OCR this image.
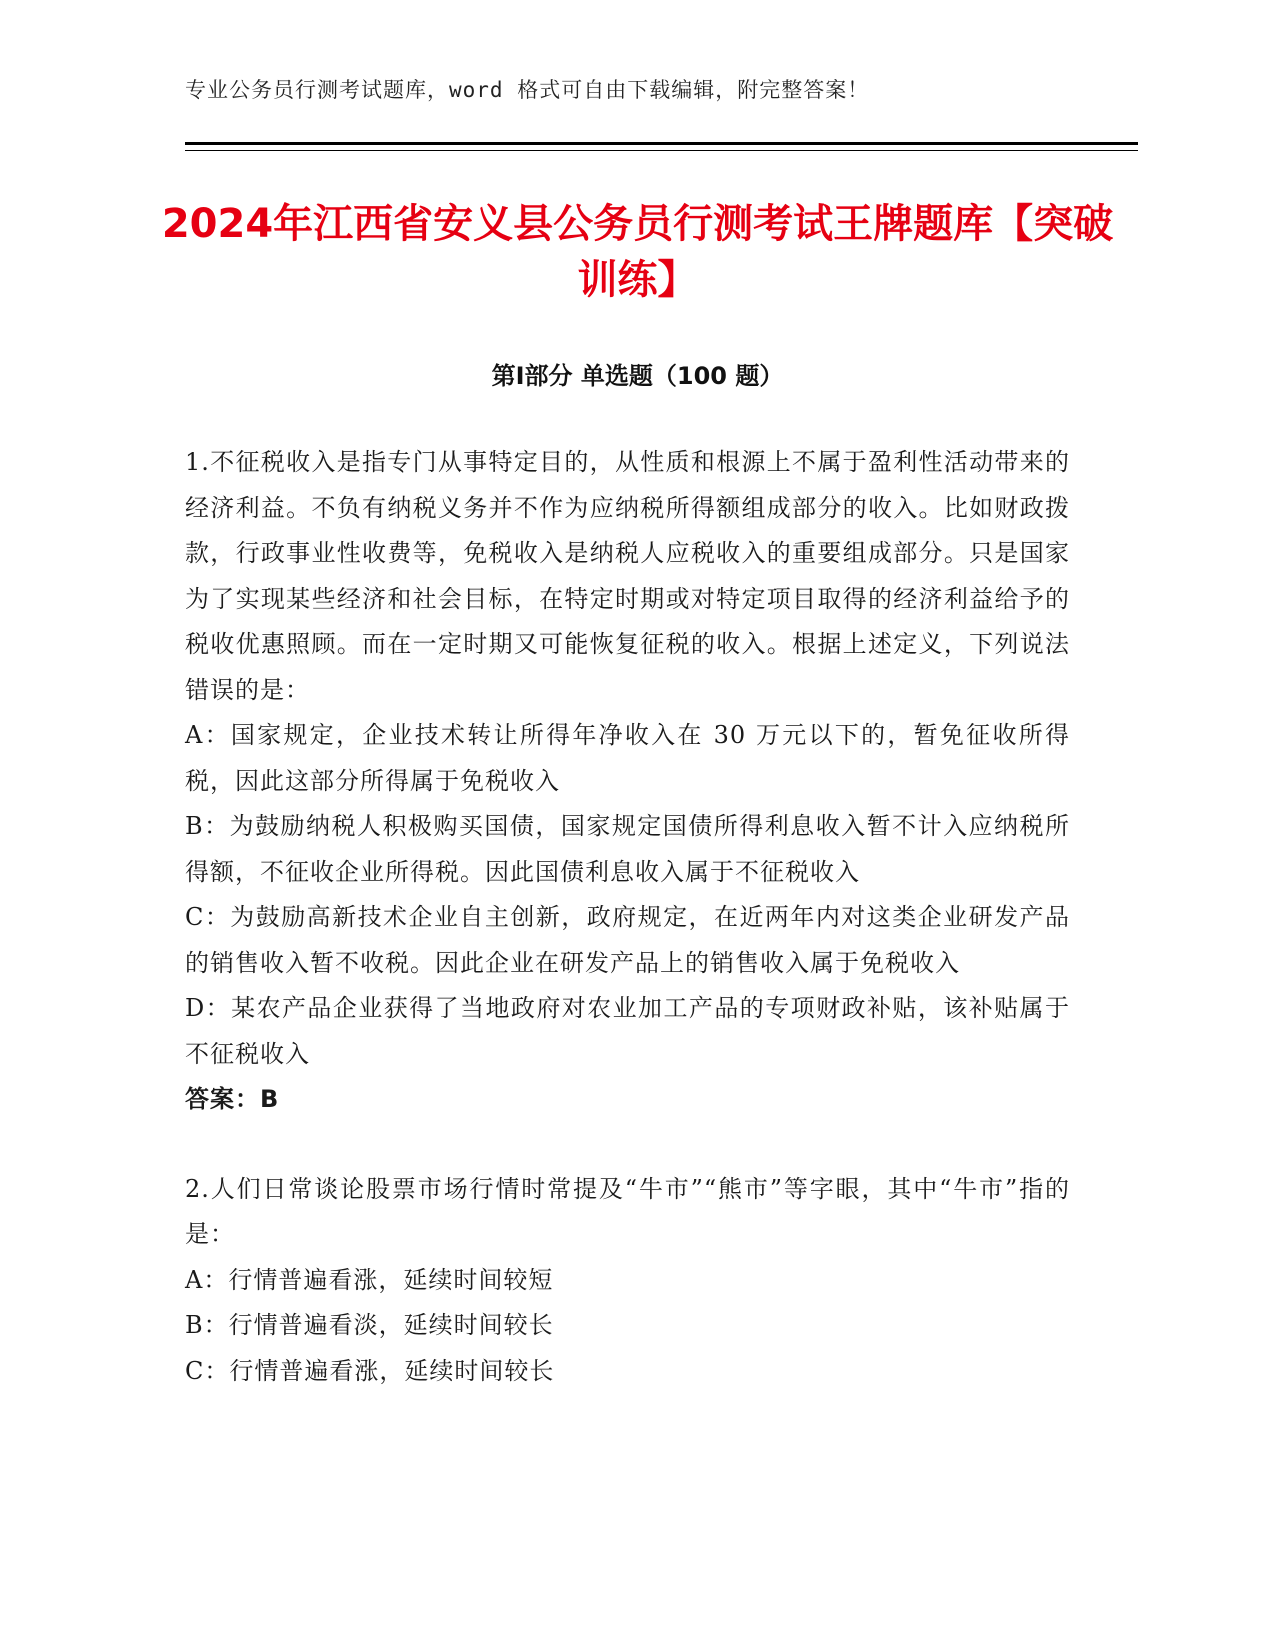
专业公务员行测考试题库，word 格式可自由下载编辑，附完整答案！
2024年江西省安义县公务员行测考试王牌题库【突破训练】
第Ⅰ部分 单选题（100 题）

1.不征税收入是指专门从事特定目的，从性质和根源上不属于盈利性活动带来的经济利益。不负有纳税义务并不作为应纳税所得额组成部分的收入。比如财政拨款，行政事业性收费等，免税收入是纳税人应税收入的重要组成部分。只是国家为了实现某些经济和社会目标，在特定时期或对特定项目取得的经济利益给予的税收优惠照顾。而在一定时期又可能恢复征税的收入。根据上述定义，下列说法错误的是：

A：国家规定，企业技术转让所得年净收入在 30 万元以下的，暂免征收所得税，因此这部分所得属于免税收入

B：为鼓励纳税人积极购买国债，国家规定国债所得利息收入暂不计入应纳税所得额，不征收企业所得税。因此国债利息收入属于不征税收入

C：为鼓励高新技术企业自主创新，政府规定，在近两年内对这类企业研发产品的销售收入暂不收税。因此企业在研发产品上的销售收入属于免税收入

D：某农产品企业获得了当地政府对农业加工产品的专项财政补贴，该补贴属于不征税收入

答案：B

2.人们日常谈论股票市场行情时常提及“牛市”“熊市”等字眼，其中“牛市”指的是：

A：行情普遍看涨，延续时间较短

B：行情普遍看淡，延续时间较长

C：行情普遍看涨，延续时间较长
